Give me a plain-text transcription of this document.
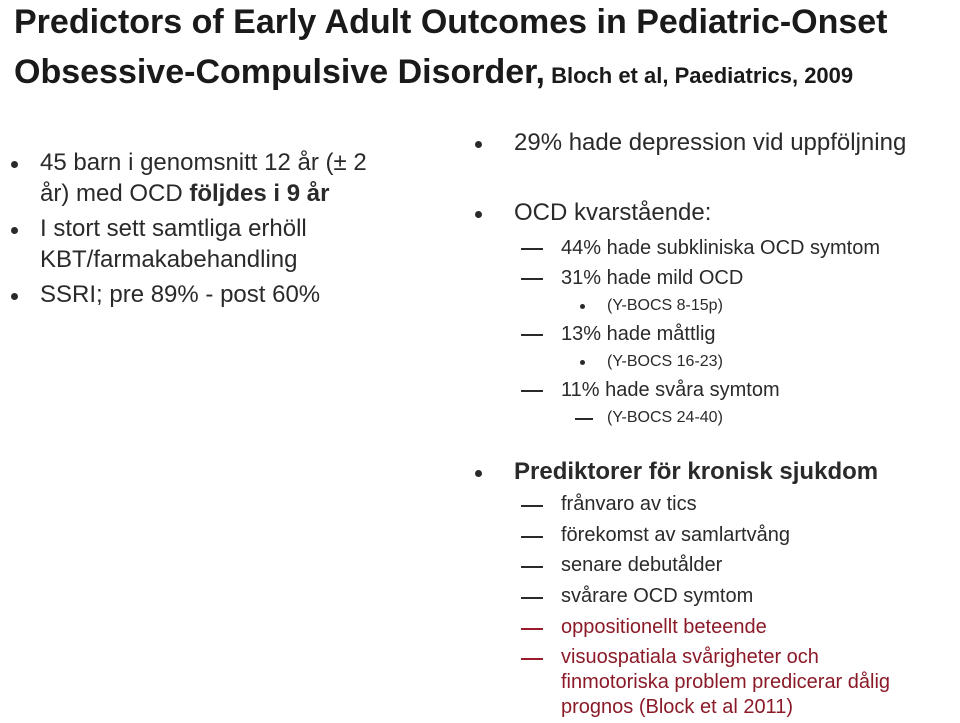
Predictors of Early Adult Outcomes in Pediatric-Onset
Obsessive-Compulsive Disorder, Bloch et al, Paediatrics, 2009
45 barn i genomsnitt 12 år (± 2
år) med OCD följdes i 9 år
I stort sett samtliga erhöll
KBT/farmakabehandling
SSRI; pre 89% - post 60%
29% hade depression vid uppföljning
OCD kvarstående:
44% hade subkliniska OCD symtom
31% hade mild OCD
(Y-BOCS 8-15p)
13% hade måttlig
(Y-BOCS 16-23)
11% hade svåra symtom
(Y-BOCS 24-40)
Prediktorer för kronisk sjukdom
frånvaro av tics
förekomst av samlartvång
senare debutålder
svårare OCD symtom
oppositionellt beteende
visuospatiala svårigheter och
finmotoriska problem predicerar dålig
prognos (Block et al 2011)
